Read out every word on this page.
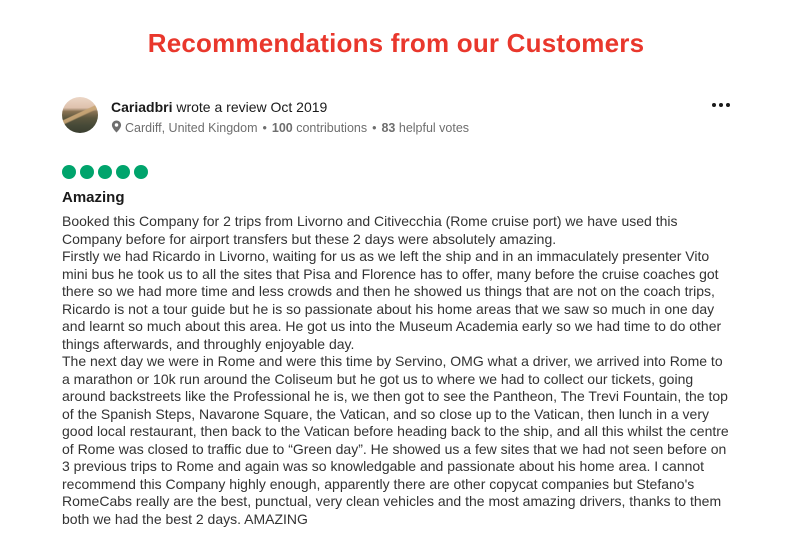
Recommendations from our Customers
Cariadbri wrote a review Oct 2019
Cardiff, United Kingdom • 100
contributions • 83
helpful votes
Amazing

Booked this Company for 2 trips from Livorno and Citivecchia (Rome cruise port) we have used this Company before for airport transfers but these 2 days were absolutely amazing.

Firstly we had Ricardo in Livorno, waiting for us as we left the ship and in an immaculately presenter Vito mini bus he took us to all the sites that Pisa and Florence has to offer, many before the cruise coaches got there so we had more time and less crowds and then he showed us things that are not on the coach trips, Ricardo is not a tour guide but he is so passionate about his home areas that we saw so much in one day and learnt so much about this area. He got us into the Museum Academia early so we had time to do other things afterwards, and throughly enjoyable day.

The next day we were in Rome and were this time by Servino, OMG what a driver, we arrived into Rome to a marathon or 10k run around the Coliseum but he got us to where we had to collect our tickets, going around backstreets like the Professional he is, we then got to see the Pantheon, The Trevi Fountain, the top of the Spanish Steps, Navarone Square, the Vatican, and so close up to the Vatican, then lunch in a very good local restaurant, then back to the Vatican before heading back to the ship, and all this whilst the centre of Rome was closed to traffic due to “Green day”. He showed us a few sites that we had not seen before on 3 previous trips to Rome and again was so knowledgable and passionate about his home area. I cannot recommend this Company highly enough, apparently there are other copycat companies but Stefano's RomeCabs really are the best, punctual, very clean vehicles and the most amazing drivers, thanks to them both we had the best 2 days. AMAZING
